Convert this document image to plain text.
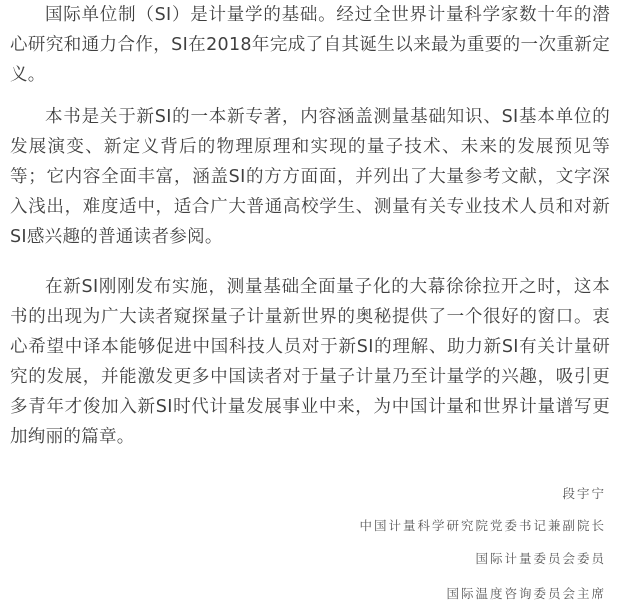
国际单位制（SI）是计量学的基础。经过全世界计量科学家数十年的潜心研究和通力合作，SI在2018年完成了自其诞生以来最为重要的一次重新定义。

本书是关于新SI的一本新专著，内容涵盖测量基础知识、SI基本单位的发展演变、新定义背后的物理原理和实现的量子技术、未来的发展预见等等；它内容全面丰富，涵盖SI的方方面面，并列出了大量参考文献，文字深入浅出，难度适中，适合广大普通高校学生、测量有关专业技术人员和对新SI感兴趣的普通读者参阅。

在新SI刚刚发布实施，测量基础全面量子化的大幕徐徐拉开之时，这本书的出现为广大读者窥探量子计量新世界的奥秘提供了一个很好的窗口。衷心希望中译本能够促进中国科技人员对于新SI的理解、助力新SI有关计量研究的发展，并能激发更多中国读者对于量子计量乃至计量学的兴趣，吸引更多青年才俊加入新SI时代计量发展事业中来，为中国计量和世界计量谱写更加绚丽的篇章。

段宇宁
中国计量科学研究院党委书记兼副院长
国际计量委员会委员
国际温度咨询委员会主席
